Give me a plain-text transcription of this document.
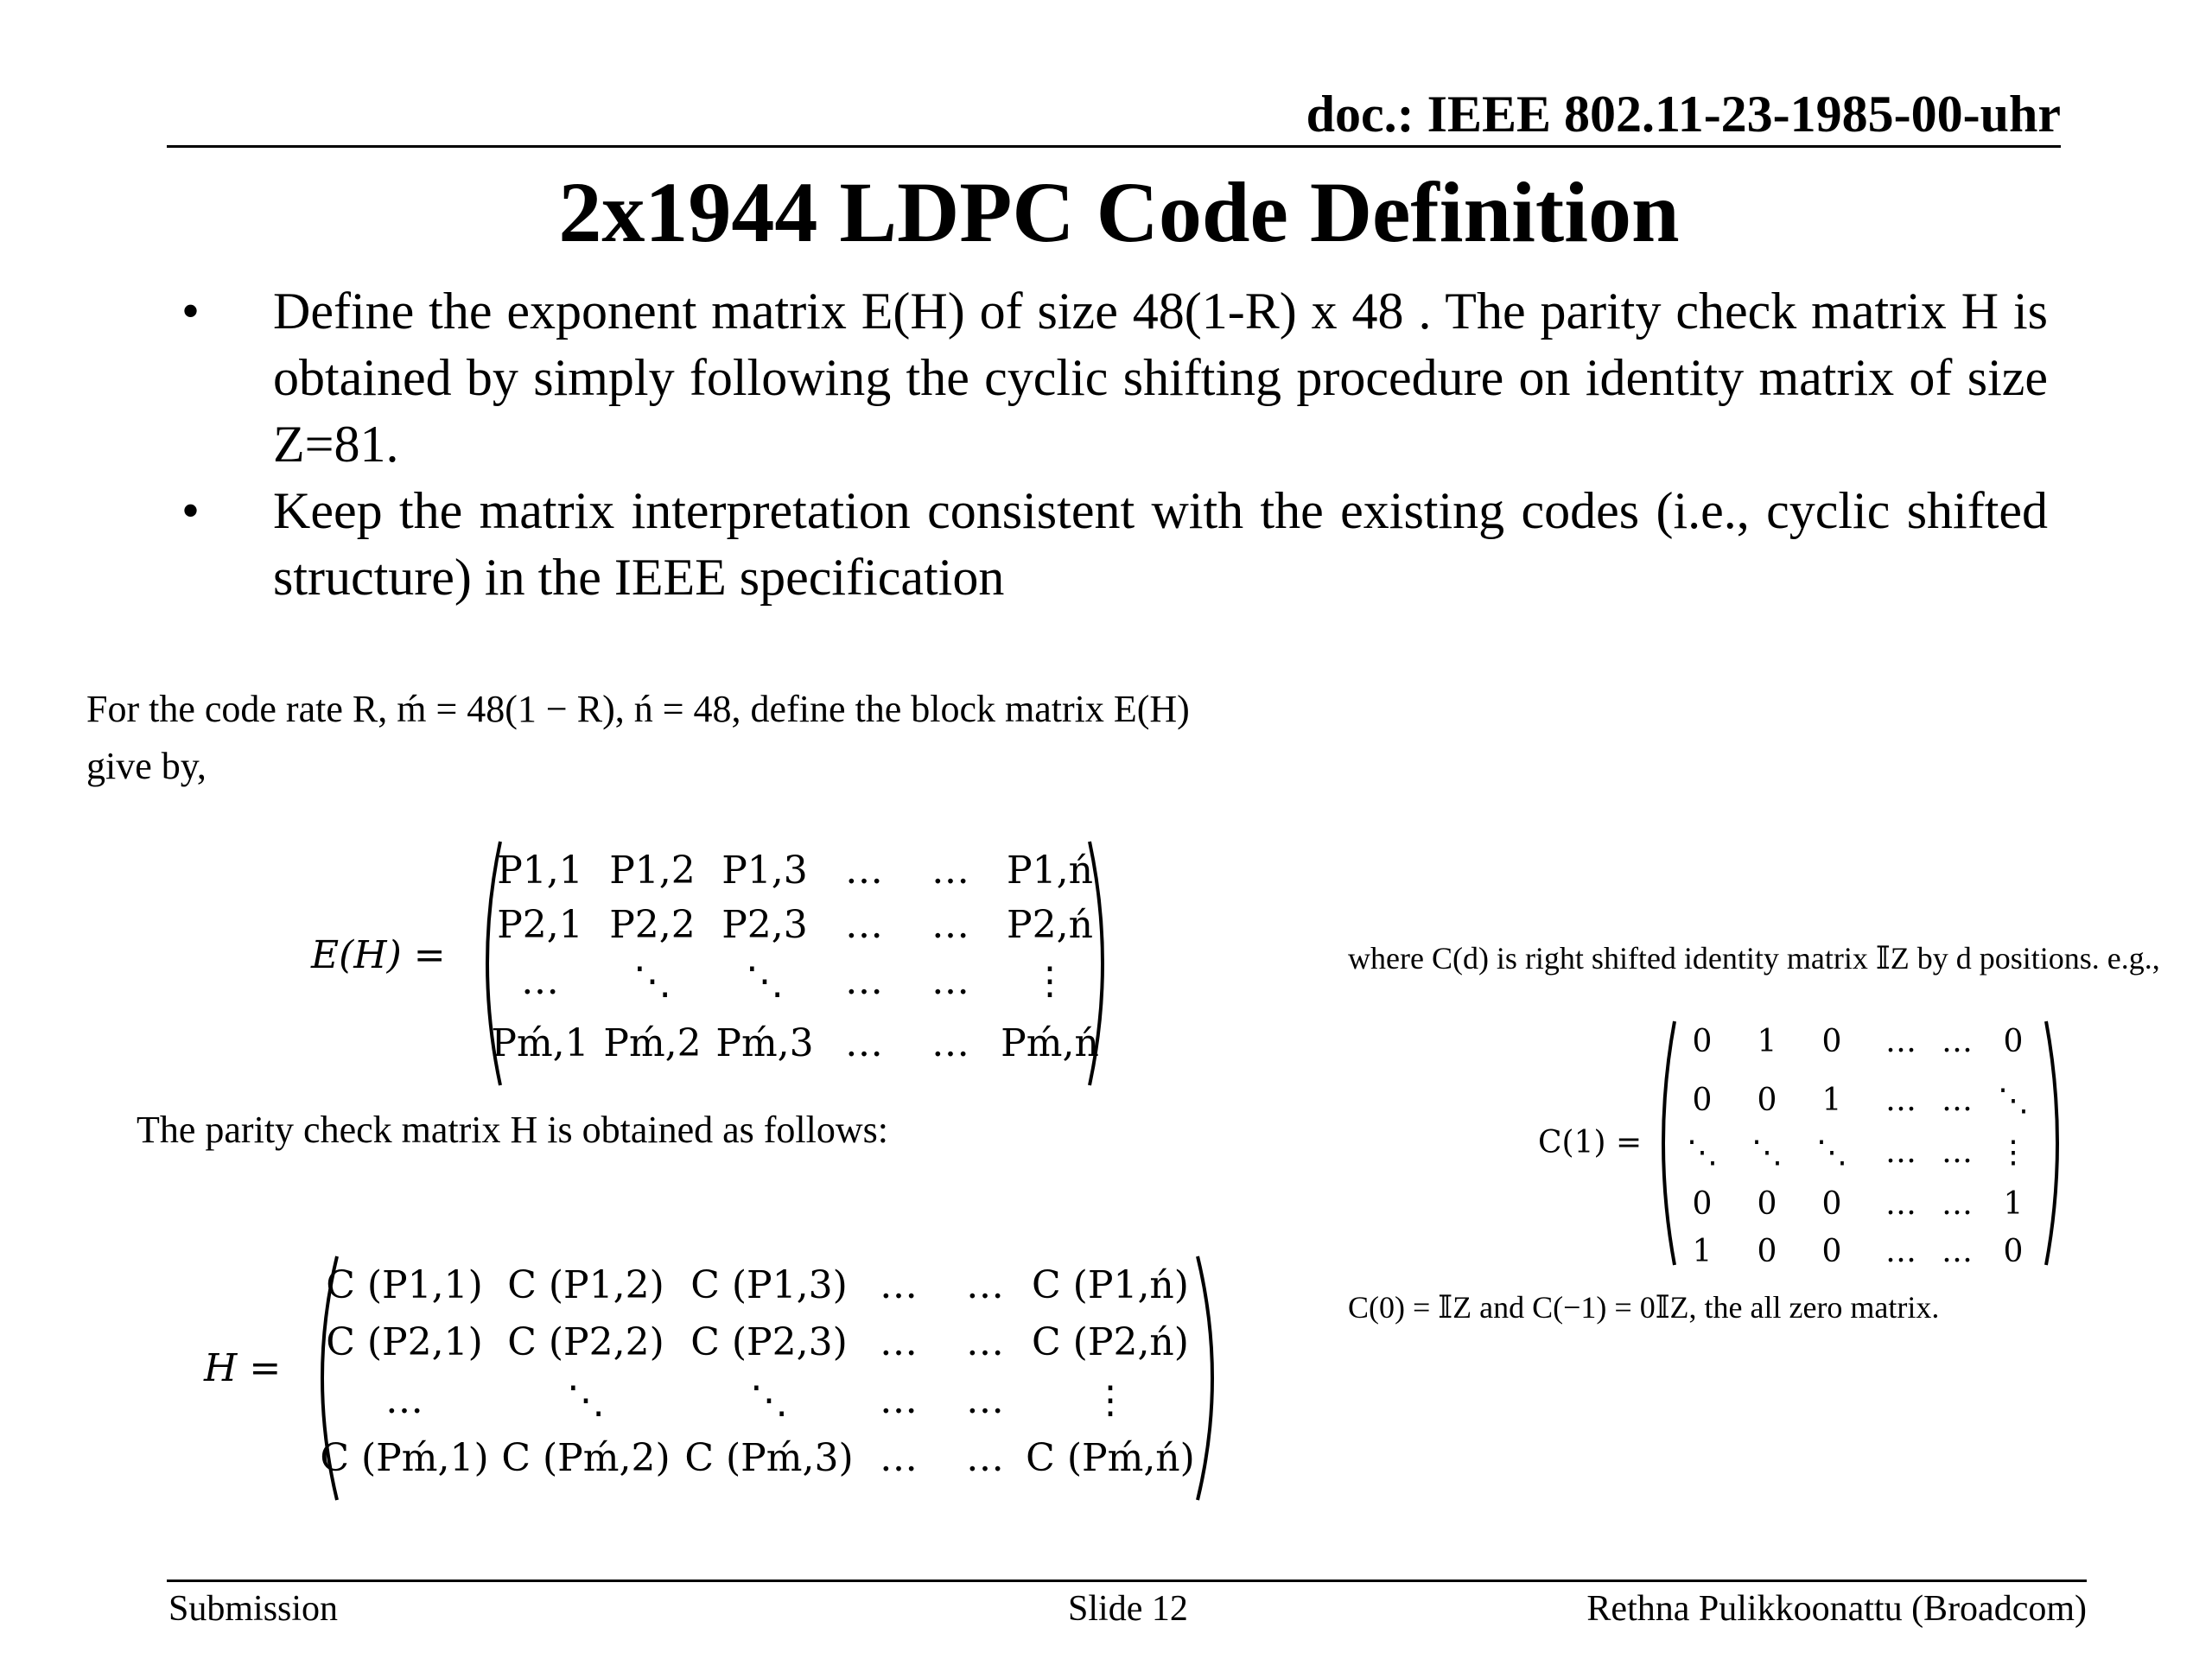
doc.: IEEE 802.11-23-1985-00-uhr
2x1944 LDPC Code Definition
• Define the exponent matrix E(H) of size 48(1-R) x 48 . The parity check matrix H is obtained by simply following the cyclic shifting procedure on identity matrix of size Z=81.
• Keep the matrix interpretation consistent with the existing codes (i.e., cyclic shifted structure) in the IEEE specification
For the code rate R, ḿ = 48(1 − R), ń = 48, define the block matrix E(H)
give by,
E(H) =
P1,1 P1,2 P1,3 …	… P1,ń
P2,1 P2,2 P2,3 …	… P2,ń
…	⋱	⋱	…	…	⋮
Pḿ,1 Pḿ,2 Pḿ,3 …	… Pḿ,ń
The parity check matrix H is obtained as follows:
H =
C (P1,1) C (P1,2) C (P1,3) …	… C (P1,ń)
C (P2,1) C (P2,2) C (P2,3) …	… C (P2,ń)
…	⋱	⋱	…	…	⋮
C (Pḿ,1) C (Pḿ,2) C (Pḿ,3) …	… C (Pḿ,ń)
where C(d) is right shifted identity matrix 𝕀Z by d positions. e.g.,
C(1) =
0	1	0	… … 0
0	0	1	… … ⋱
⋱	⋱	⋱	… … ⋮
0	0	0	… … 1
1	0	0	… … 0
C(0) = 𝕀Z and C(−1) = 0𝕀Z, the all zero matrix.
Submission	Slide 12	Rethna Pulikkoonattu (Broadcom)
